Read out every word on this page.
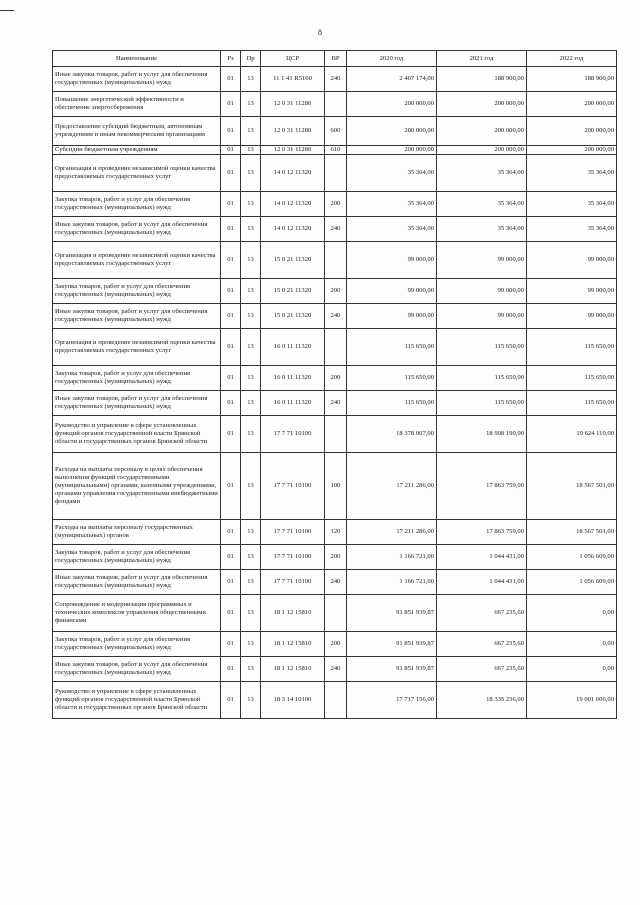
8
Наименование	Рз	Пр	ЦСР	ВР	2020 год	2021 год	2022 год
Иные закупки товаров, работ и услуг для обеспечения государственных (муниципальных) нужд	01	13	11 1 41 R5160	240	2 407 174,00	188 900,00	188 900,00
Повышение энергетической эффективности и обеспечение энергосбережения	01	13	12 0 31 11280		200 000,00	200 000,00	200 000,00
Предоставление субсидий бюджетным, автономным учреждениям и иным некоммерческим организациям	01	13	12 0 31 11280	600	200 000,00	200 000,00	200 000,00
Субсидии бюджетным учреждениям	01	13	12 0 31 11280	610	200 000,00	200 000,00	200 000,00
Организация и проведение независимой оценки качества предоставляемых государственных услуг	01	13	14 0 12 11320		35 364,00	35 364,00	35 364,00
Закупка товаров, работ и услуг для обеспечения государственных (муниципальных) нужд	01	13	14 0 12 11320	200	35 364,00	35 364,00	35 364,00
Иные закупки товаров, работ и услуг для обеспечения государственных (муниципальных) нужд	01	13	14 0 12 11320	240	35 364,00	35 364,00	35 364,00
Организация и проведение независимой оценки качества предоставляемых государственных услуг	01	13	15 0 21 11320		99 000,00	99 000,00	99 000,00
Закупка товаров, работ и услуг для обеспечения государственных (муниципальных) нужд	01	13	15 0 21 11320	200	99 000,00	99 000,00	99 000,00
Иные закупки товаров, работ и услуг для обеспечения государственных (муниципальных) нужд	01	13	15 0 21 11320	240	99 000,00	99 000,00	99 000,00
Организация и проведение независимой оценки качества предоставляемых государственных услуг	01	13	16 0 11 11320		115 650,00	115 650,00	115 650,00
Закупка товаров, работ и услуг для обеспечения государственных (муниципальных) нужд	01	13	16 0 11 11320	200	115 650,00	115 650,00	115 650,00
Иные закупки товаров, работ и услуг для обеспечения государственных (муниципальных) нужд	01	13	16 0 11 11320	240	115 650,00	115 650,00	115 650,00
Руководство и управление в сфере установленных функций органов государственной власти Брянской области и государственных органов Брянской области	01	13	17 7 71 10100		18 378 007,00	18 908 190,00	19 624 110,00
Расходы на выплаты персоналу в целях обеспечения выполнения функций государственными (муниципальными) органами, казенными учреждениями, органами управления государственными внебюджетными фондами	01	13	17 7 71 10100	100	17 211 286,00	17 863 759,00	18 567 501,00
Расходы на выплаты персоналу государственных (муниципальных) органов	01	13	17 7 71 10100	120	17 211 286,00	17 863 759,00	18 567 501,00
Закупка товаров, работ и услуг для обеспечения государственных (муниципальных) нужд	01	13	17 7 71 10100	200	1 166 721,00	1 044 431,00	1 056 609,00
Иные закупки товаров, работ и услуг для обеспечения государственных (муниципальных) нужд	01	13	17 7 71 10100	240	1 166 721,00	1 044 431,00	1 056 609,00
Сопровождение и модернизация программных и технических комплексов управления общественными финансами	01	13	18 1 12 15810		91 851 939,87	667 235,60	0,00
Закупка товаров, работ и услуг для обеспечения государственных (муниципальных) нужд	01	13	18 1 12 15810	200	91 851 939,87	667 235,60	0,00
Иные закупки товаров, работ и услуг для обеспечения государственных (муниципальных) нужд	01	13	18 1 12 15810	240	91 851 939,87	667 235,60	0,00
Руководство и управление в сфере установленных функций органов государственной власти Брянской области и государственных органов Брянской области	01	13	18 3 14 10100		17 717 156,00	18 335 236,00	19 001 606,00
